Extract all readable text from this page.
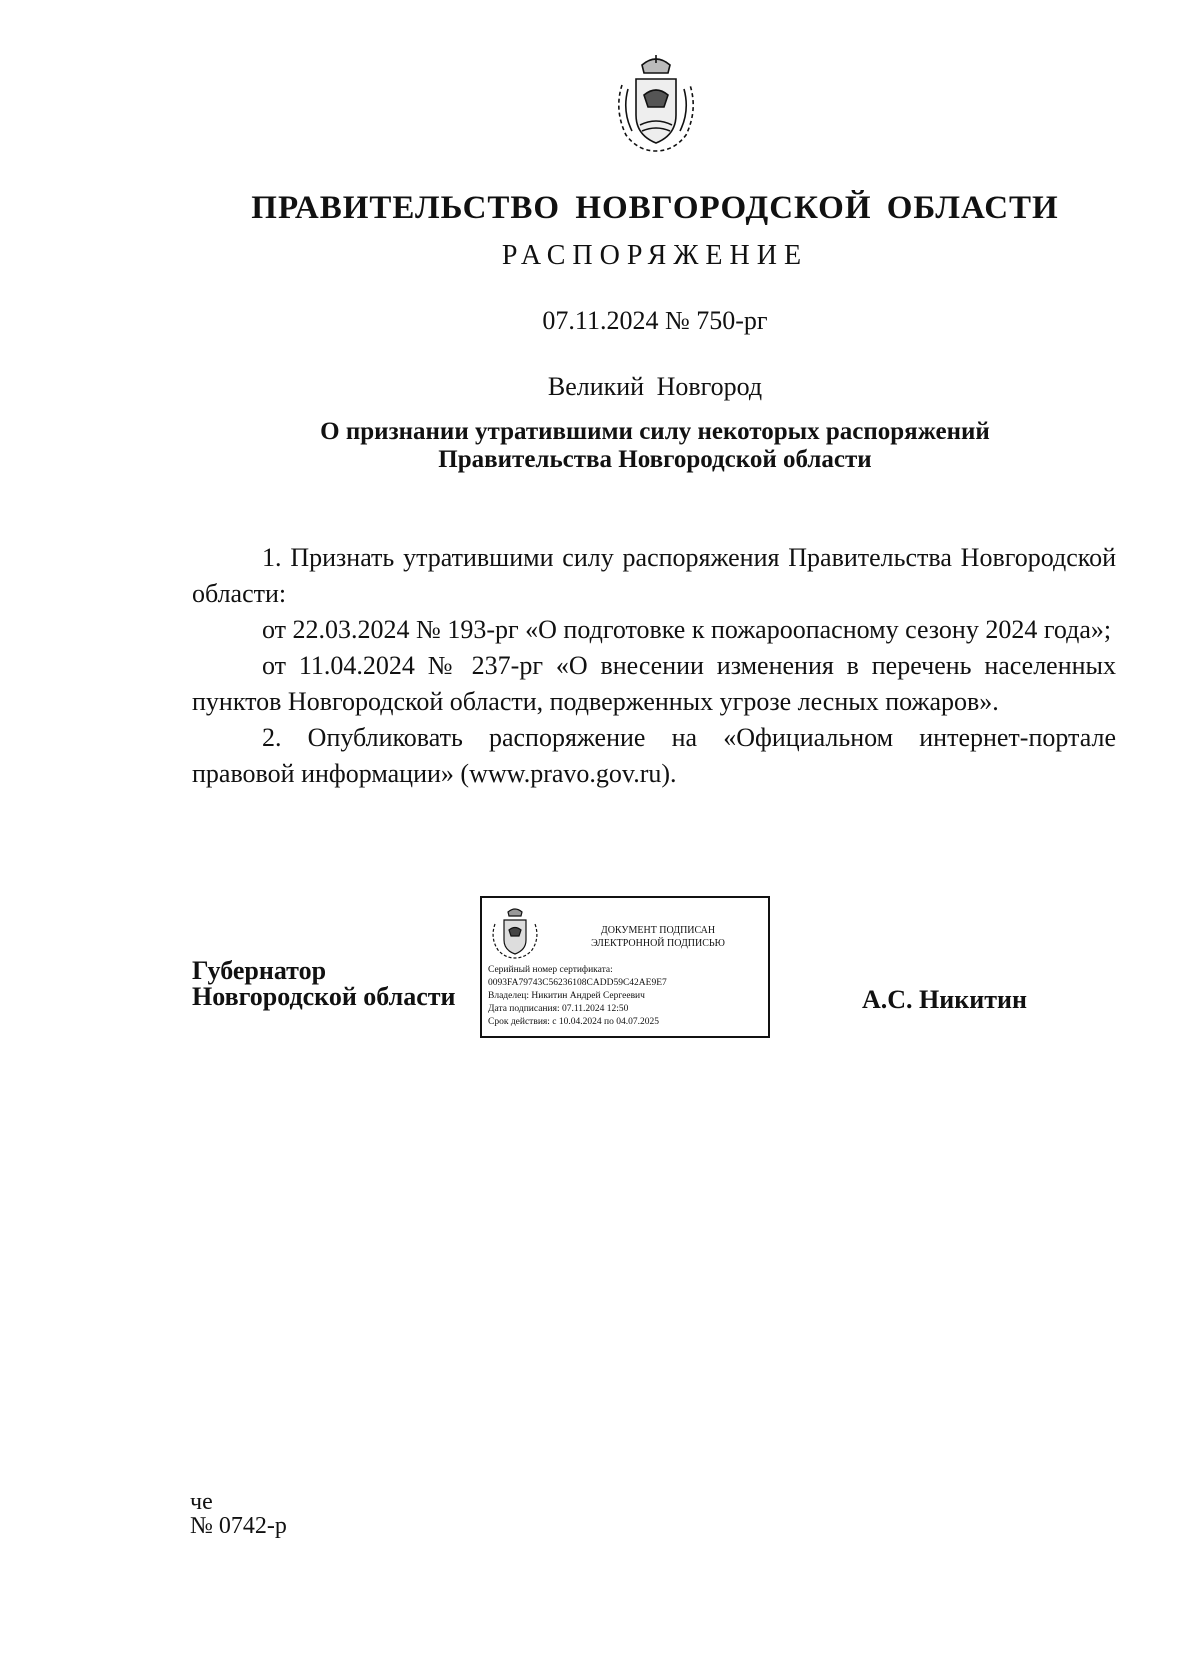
ПРАВИТЕЛЬСТВО НОВГОРОДСКОЙ ОБЛАСТИ
РАСПОРЯЖЕНИЕ
07.11.2024 № 750-рг
Великий Новгород
О признании утратившими силу некоторых распоряжений
Правительства Новгородской области

1. Признать утратившими силу распоряжения Правительства Новгородской области:

от 22.03.2024 № 193-рг «О подготовке к пожароопасному сезону 2024 года»;

от 11.04.2024 № 237-рг «О внесении изменения в перечень населенных пунктов Новгородской области, подверженных угрозе лесных пожаров».

2. Опубликовать распоряжение на «Официальном интернет-портале правовой информации» (www.pravo.gov.ru).

Губернатор
Новгородской области
ДОКУМЕНТ ПОДПИСАН
ЭЛЕКТРОННОЙ ПОДПИСЬЮ
Серийный номер сертификата:
0093FA79743C56236108CADD59C42AE9E7
Владелец: Никитин Андрей Сергеевич
Дата подписания: 07.11.2024 12:50
Срок действия: с 10.04.2024 по 04.07.2025
А.С. Никитин
че
№ 0742-р
